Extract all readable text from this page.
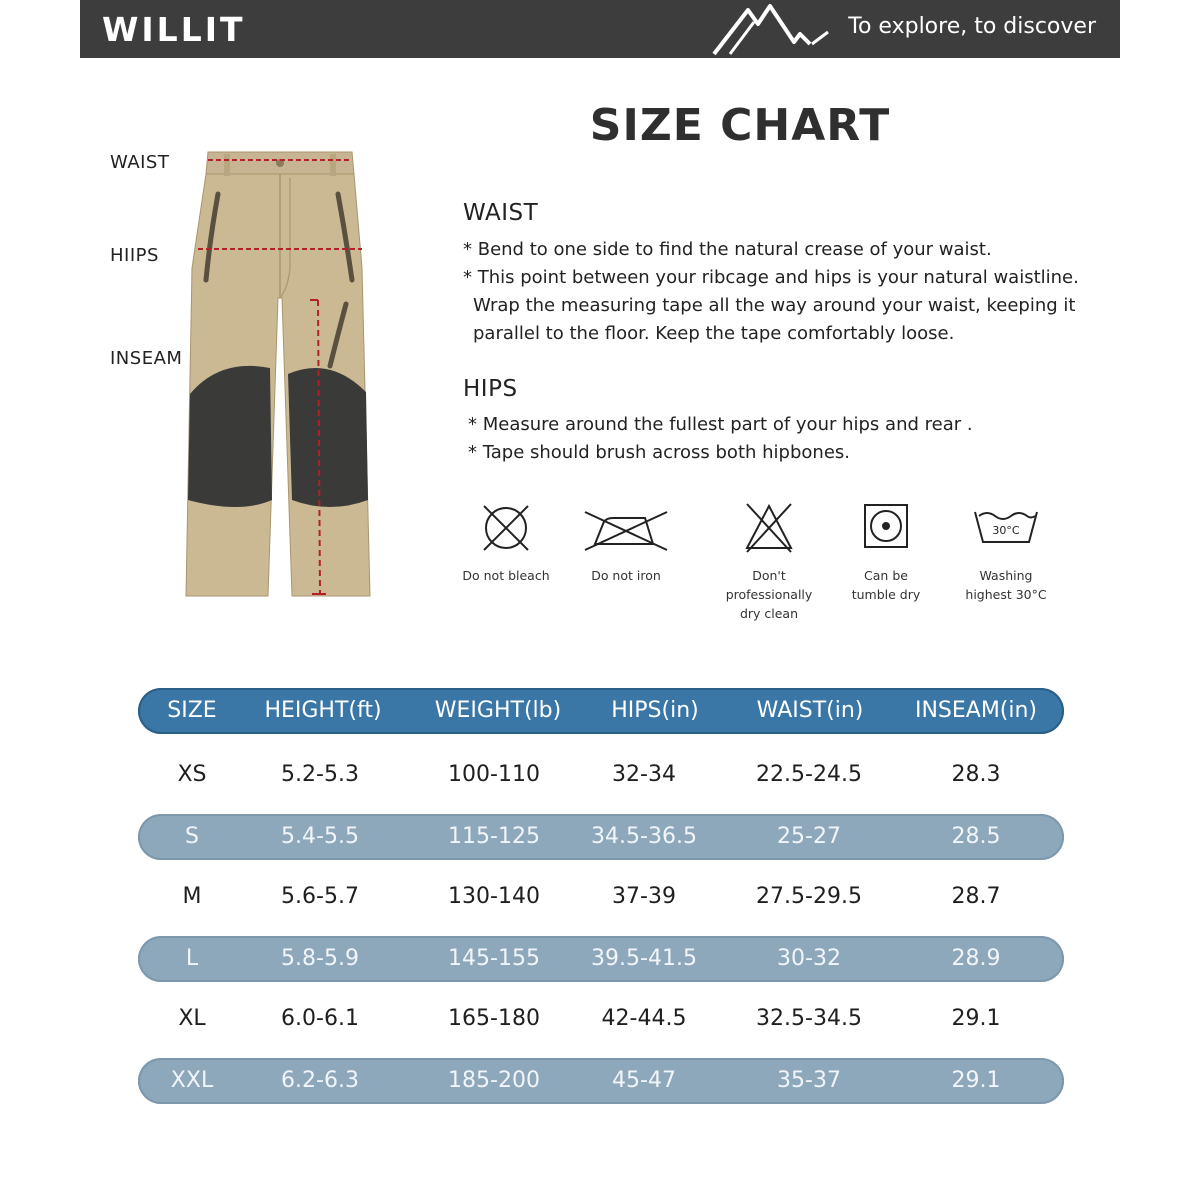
WILLIT	To explore, to discover
SIZE CHART
WAIST
HIIPS
INSEAM
WAIST
* Bend to one side to find the natural crease of your waist.
* This point between your ribcage and hips is your natural waistline.
Wrap the measuring tape all the way around your waist, keeping it
parallel to the floor. Keep the tape comfortably loose.
HIPS
* Measure around the fullest part of your hips and rear .
* Tape should brush across both hipbones.
Do not bleach	Do not iron	Don't professionally
dry clean
Can be
tumble dry
30°C
Washing
highest 30°C
SIZE	HEIGHT(ft)	WEIGHT(lb)	HIPS(in)	WAIST(in)	INSEAM(in)
XS	5.2-5.3	100-110	32-34	22.5-24.5	28.3
S	5.4-5.5	115-125	34.5-36.5	25-27	28.5
M	5.6-5.7	130-140	37-39	27.5-29.5	28.7
L	5.8-5.9	145-155	39.5-41.5	30-32	28.9
XL	6.0-6.1	165-180	42-44.5	32.5-34.5	29.1
XXL	6.2-6.3	185-200	45-47	35-37	29.1
